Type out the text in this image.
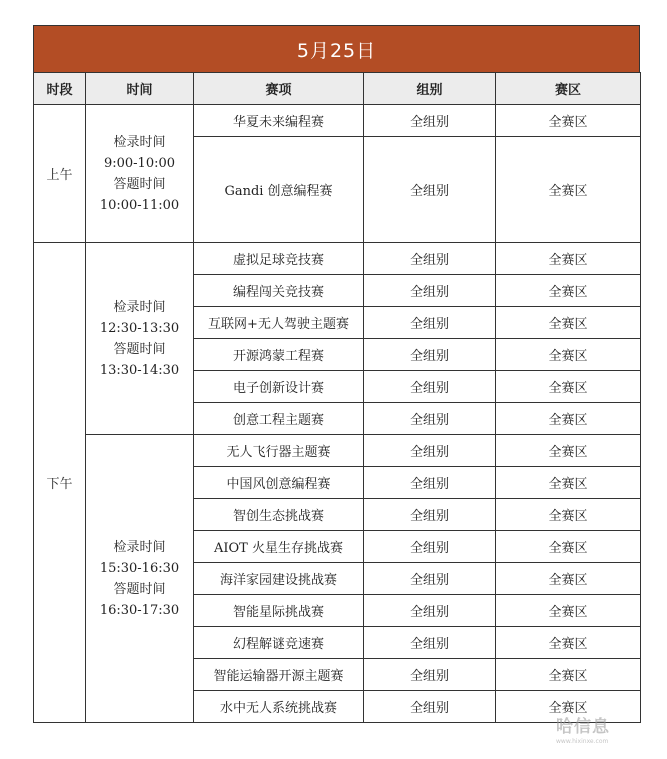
5月25日
时段	时间	赛项	组别	赛区
上午	检录时间
9:00-10:00
答题时间
10:00-11:00	华夏未来编程赛	全组别	全赛区
		Gandi 创意编程赛	全组别	全赛区
下午	检录时间
12:30-13:30
答题时间
13:30-14:30	虚拟足球竞技赛	全组别	全赛区
		编程闯关竞技赛	全组别	全赛区
		互联网+无人驾驶主题赛	全组别	全赛区
		开源鸿蒙工程赛	全组别	全赛区
		电子创新设计赛	全组别	全赛区
		创意工程主题赛	全组别	全赛区

	检录时间
15:30-16:30
答题时间
16:30-17:30	无人飞行器主题赛	全组别	全赛区
		中国风创意编程赛	全组别	全赛区
		智创生态挑战赛	全组别	全赛区
		AIOT 火星生存挑战赛	全组别	全赛区
		海洋家园建设挑战赛	全组别	全赛区
		智能星际挑战赛	全组别	全赛区
		幻程解谜竞速赛	全组别	全赛区
		智能运输器开源主题赛	全组别	全赛区
		水中无人系统挑战赛	全组别	全赛区
哈信息
www.hixinxe.com
